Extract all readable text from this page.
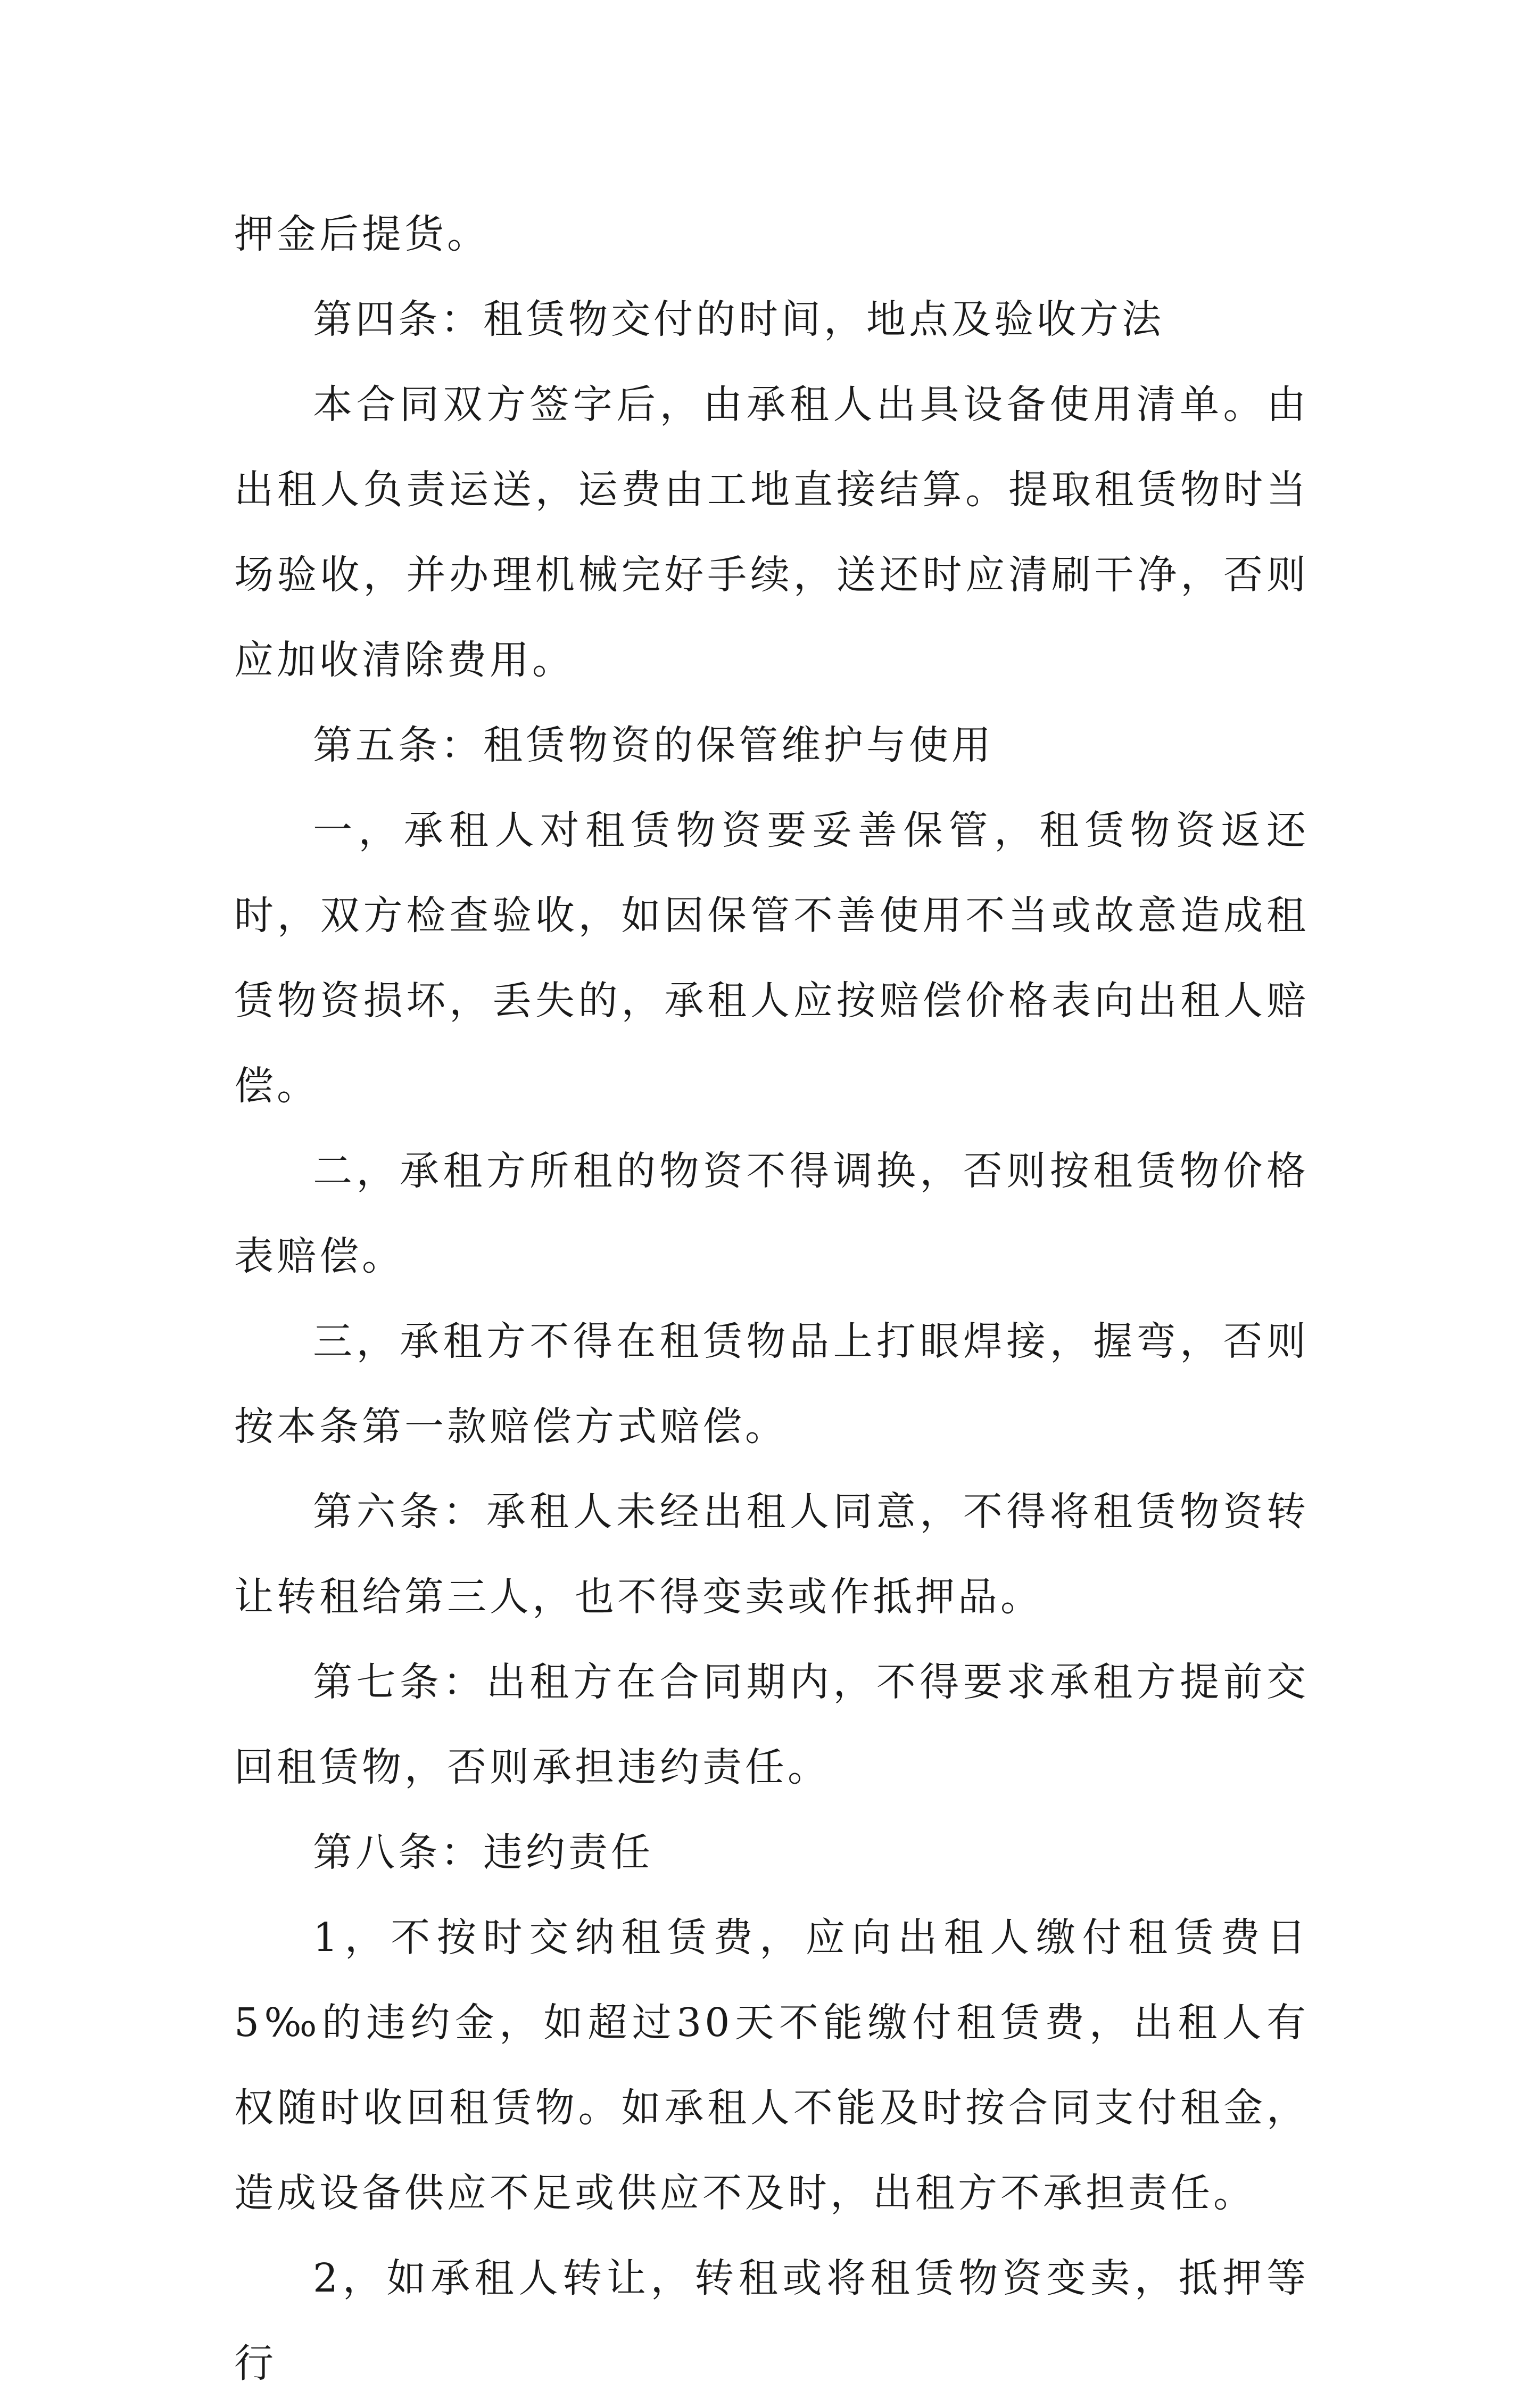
押金后提货。

第四条：租赁物交付的时间，地点及验收方法

本合同双方签字后，由承租人出具设备使用清单。由出租人负责运送，运费由工地直接结算。提取租赁物时当场验收，并办理机械完好手续，送还时应清刷干净，否则应加收清除费用。

第五条：租赁物资的保管维护与使用

一，承租人对租赁物资要妥善保管，租赁物资返还时，双方检查验收，如因保管不善使用不当或故意造成租赁物资损坏，丢失的，承租人应按赔偿价格表向出租人赔偿。

二，承租方所租的物资不得调换，否则按租赁物价格表赔偿。

三，承租方不得在租赁物品上打眼焊接，握弯，否则按本条第一款赔偿方式赔偿。

第六条：承租人未经出租人同意，不得将租赁物资转让转租给第三人，也不得变卖或作抵押品。

第七条：出租方在合同期内，不得要求承租方提前交回租赁物，否则承担违约责任。

第八条：违约责任

1，不按时交纳租赁费，应向出租人缴付租赁费日5‰的违约金，如超过30天不能缴付租赁费，出租人有权随时收回租赁物。如承租人不能及时按合同支付租金，造成设备供应不足或供应不及时，出租方不承担责任。

2，如承租人转让，转租或将租赁物资变卖，抵押等行
